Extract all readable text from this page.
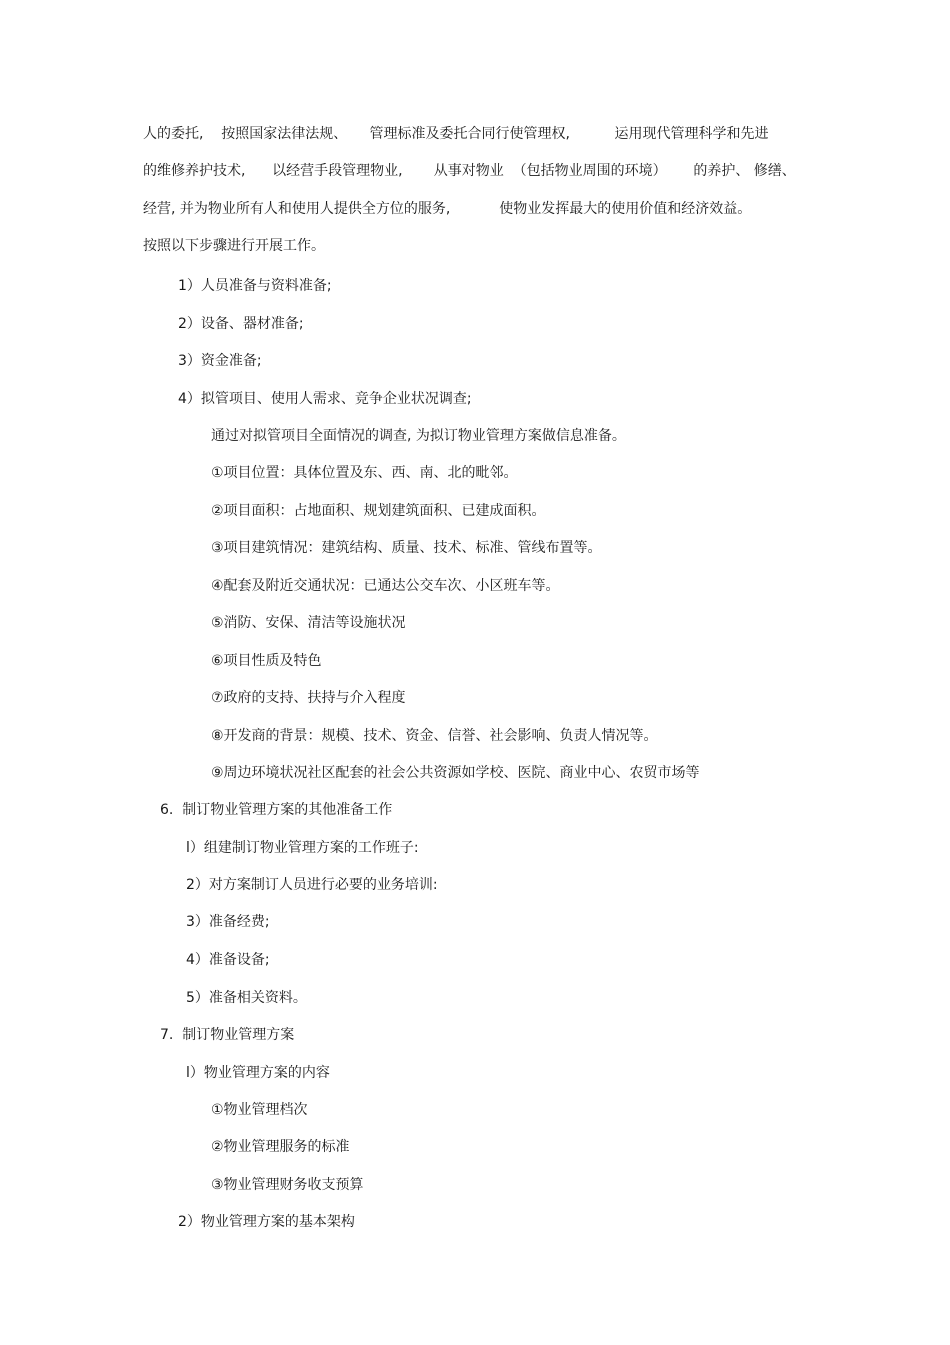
人的委托,    按照国家法律法规、     管理标准及委托合同行使管理权,          运用现代管理科学和先进
的维修养护技术,      以经营手段管理物业,       从事对物业  （包括物业周围的环境）      的养护、 修缮、
经营, 并为物业所有人和使用人提供全方位的服务,           使物业发挥最大的使用价值和经济效益。
按照以下步骤进行开展工作。
1）人员准备与资料准备;
2）设备、器材准备;
3）资金准备;
4）拟管项目、使用人需求、竞争企业状况调查;
通过对拟管项目全面情况的调查, 为拟订物业管理方案做信息准备。
①项目位置：具体位置及东、西、南、北的毗邻。
②项目面积：占地面积、规划建筑面积、已建成面积。
③项目建筑情况：建筑结构、质量、技术、标准、管线布置等。
④配套及附近交通状况：已通达公交车次、小区班车等。
⑤消防、安保、清洁等设施状况
⑥项目性质及特色
⑦政府的支持、扶持与介入程度
⑧开发商的背景：规模、技术、资金、信誉、社会影响、负责人情况等。
⑨周边环境状况社区配套的社会公共资源如学校、医院、商业中心、农贸市场等
6.  制订物业管理方案的其他准备工作
l）组建制订物业管理方案的工作班子:
2）对方案制订人员进行必要的业务培训:
3）准备经费;
4）准备设备;
5）准备相关资料。
7.  制订物业管理方案
l）物业管理方案的内容
①物业管理档次
②物业管理服务的标准
③物业管理财务收支预算
2）物业管理方案的基本架构
